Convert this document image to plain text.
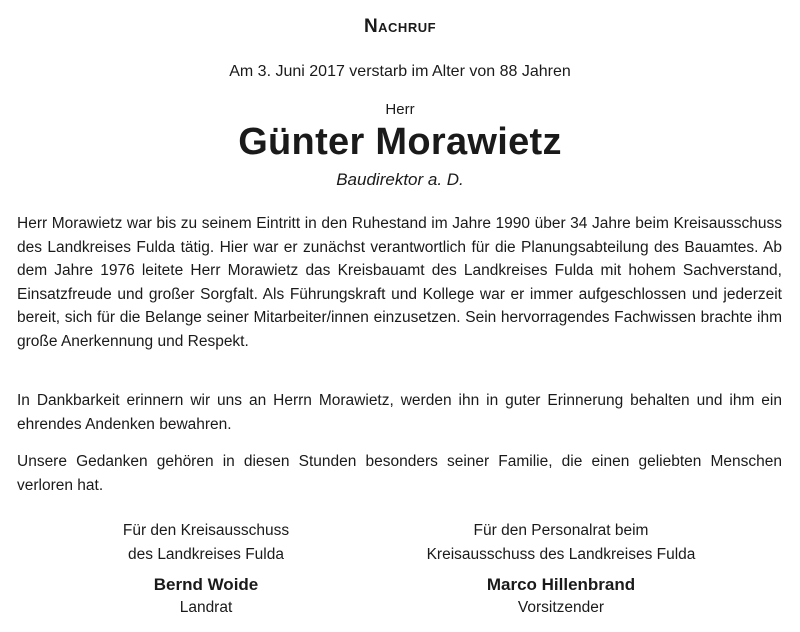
Nachruf
Am 3. Juni 2017 verstarb im Alter von 88 Jahren
Herr
Günter Morawietz
Baudirektor a. D.

Herr Morawietz war bis zu seinem Eintritt in den Ruhestand im Jahre 1990 über 34 Jahre beim Kreisausschuss des Landkreises Fulda tätig. Hier war er zunächst verantwortlich für die Planungsabteilung des Bauamtes. Ab dem Jahre 1976 leitete Herr Morawietz das Kreisbauamt des Landkreises Fulda mit hohem Sachverstand, Einsatzfreude und großer Sorgfalt. Als Führungskraft und Kollege war er immer aufgeschlossen und jederzeit bereit, sich für die Belange seiner Mitarbeiter/innen einzusetzen. Sein hervorragendes Fachwissen brachte ihm große Anerkennung und Respekt.

In Dankbarkeit erinnern wir uns an Herrn Morawietz, werden ihn in guter Erinnerung behalten und ihm ein ehrendes Andenken bewahren.

Unsere Gedanken gehören in diesen Stunden besonders seiner Familie, die einen geliebten Menschen verloren hat.

Für den Kreisausschuss
des Landkreises Fulda
Bernd Woide
Landrat
Für den Personalrat beim
Kreisausschuss des Landkreises Fulda
Marco Hillenbrand
Vorsitzender
